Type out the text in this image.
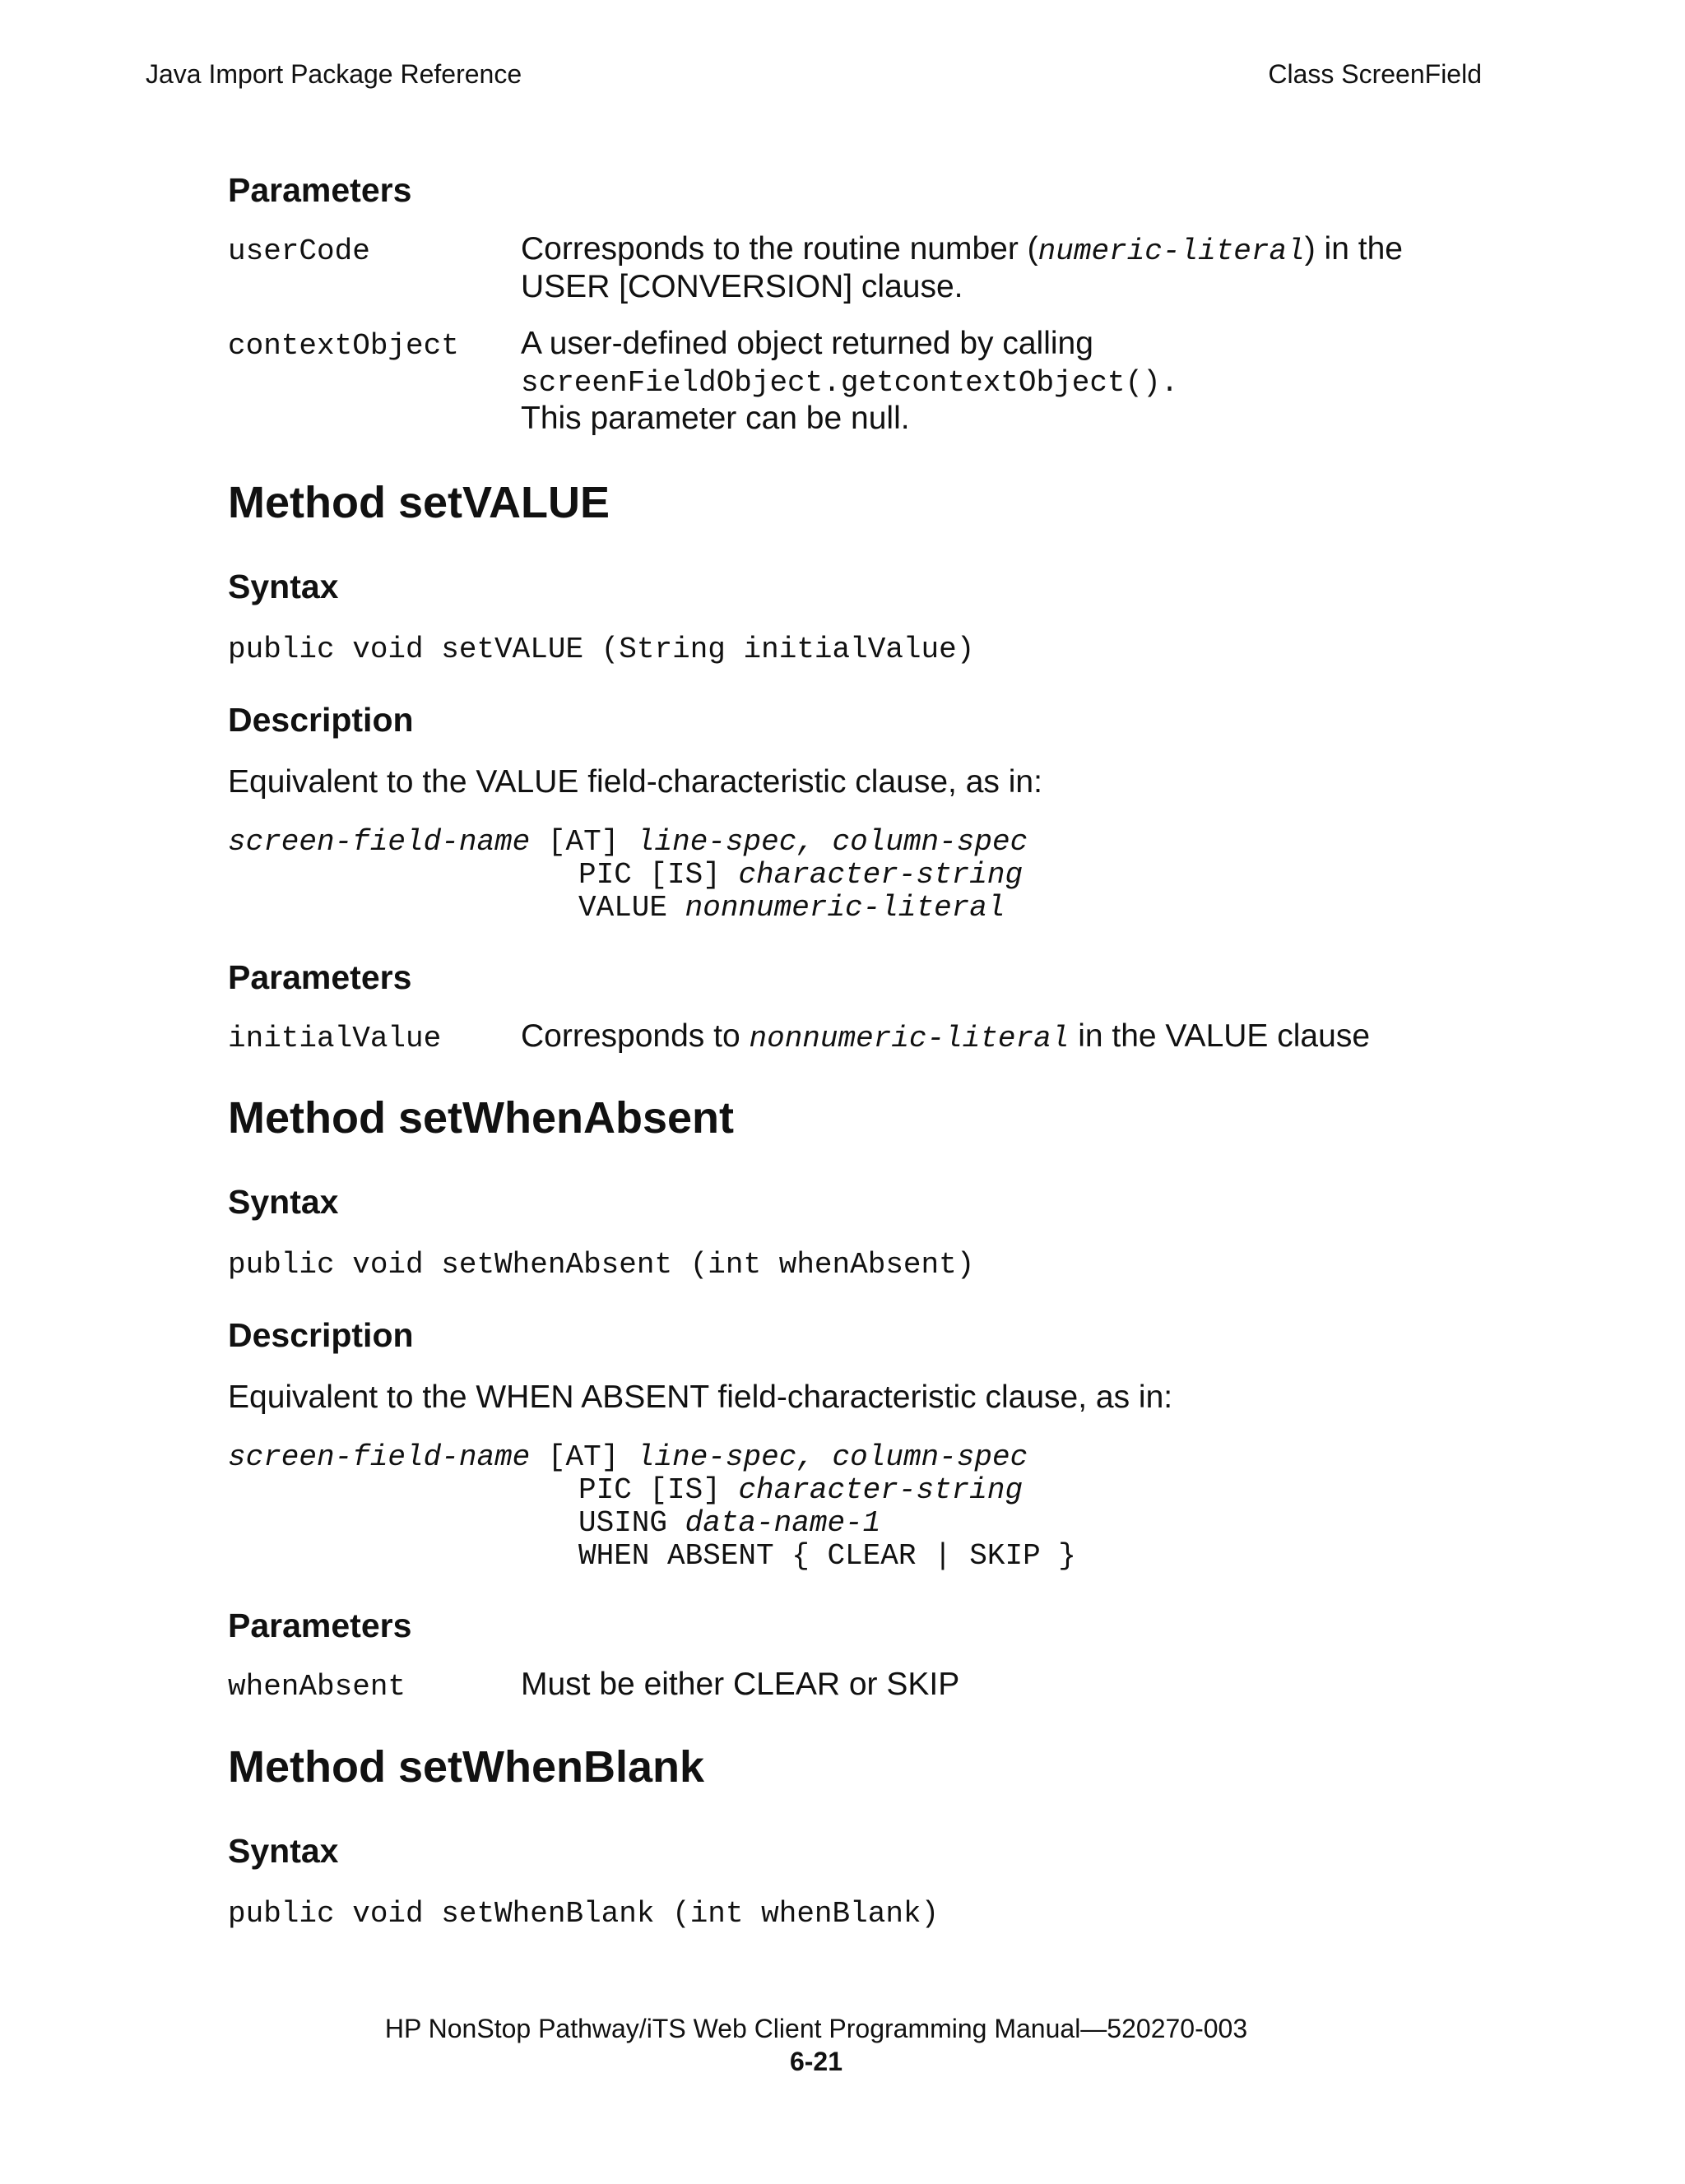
Java Import Package Reference	Class ScreenField
Parameters
userCode	Corresponds to the routine number (numeric-literal) in the
USER [CONVERSION] clause.
contextObject A user-defined object returned by calling
screenFieldObject.getcontextObject().
This parameter can be null.
Method setVALUE
Syntax
public void setVALUE (String initialValue)
Description
Equivalent to the VALUE field-characteristic clause, as in:
screen-field-name [AT] line-spec, column-spec
PIC [IS] character-string
VALUE nonnumeric-literal
Parameters
initialValue Corresponds to nonnumeric-literal in the VALUE clause
Method setWhenAbsent
Syntax
public void setWhenAbsent (int whenAbsent)
Description
Equivalent to the WHEN ABSENT field-characteristic clause, as in:
screen-field-name [AT] line-spec, column-spec
PIC [IS] character-string
USING data-name-1
WHEN ABSENT { CLEAR | SKIP }
Parameters
whenAbsent	Must be either CLEAR or SKIP
Method setWhenBlank
Syntax
public void setWhenBlank (int whenBlank)
HP NonStop Pathway/iTS Web Client Programming Manual—520270-003
6-21
